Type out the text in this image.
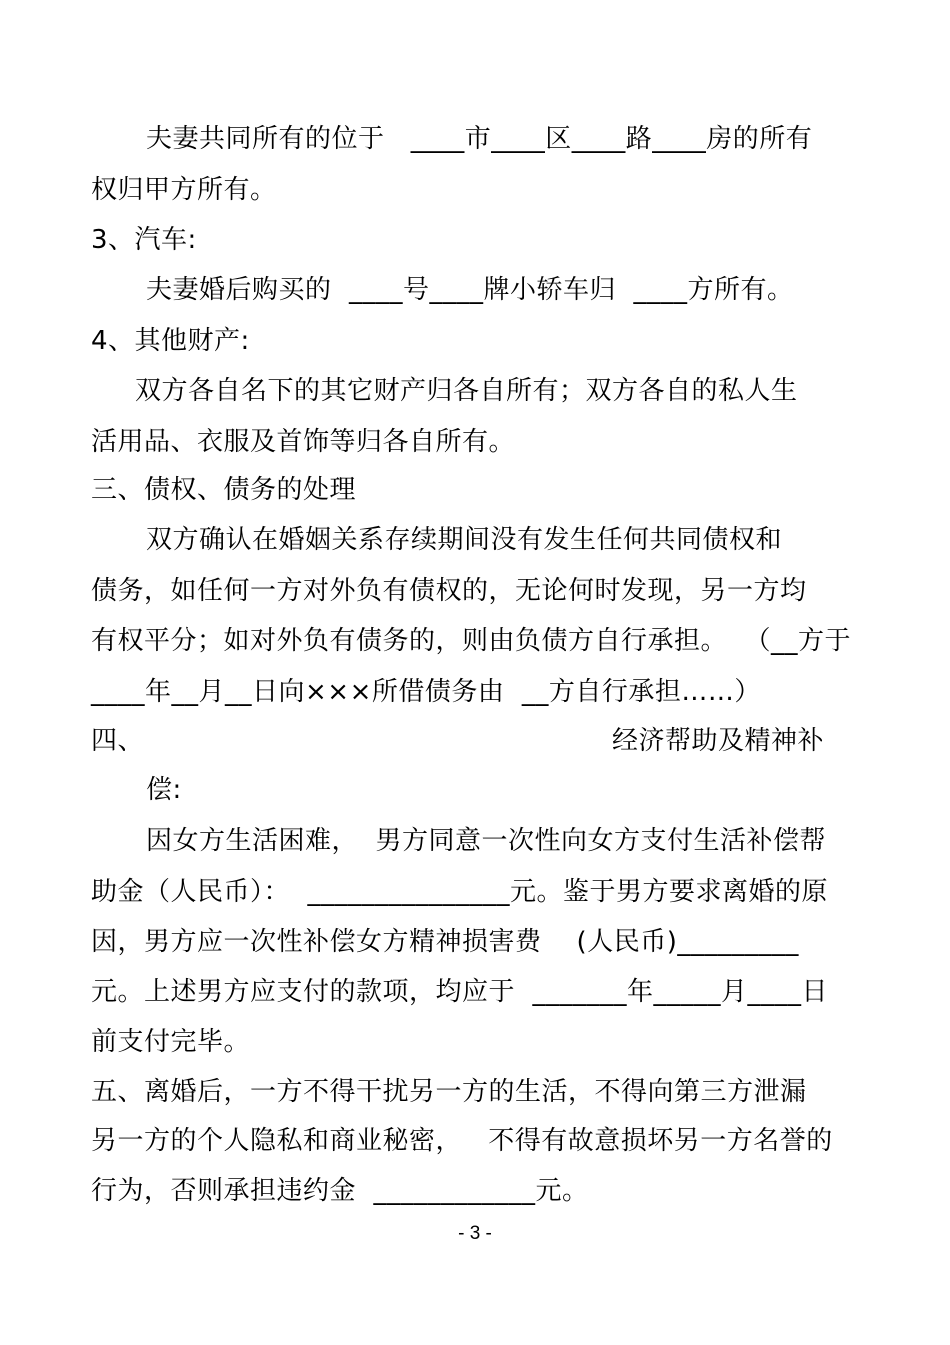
夫妻共同所有的位于   ____市____区____路____房的所有
权归甲方所有。
3、汽车:
夫妻婚后购买的  ____号____牌小轿车归  ____方所有。
4、其他财产:
双方各自名下的其它财产归各自所有；双方各自的私人生
活用品、衣服及首饰等归各自所有。
三、债权、债务的处理
双方确认在婚姻关系存续期间没有发生任何共同债权和
债务，如任何一方对外负有债权的，无论何时发现，另一方均
有权平分；如对外负有债务的，则由负债方自行承担。  （__方于
____年__月__日向×××所借债务由  __方自行承担……）
四、	经济帮助及精神补
偿:
因女方生活困难，  男方同意一次性向女方支付生活补偿帮
助金（人民币）：  _______________元。鉴于男方要求离婚的原
因，男方应一次性补偿女方精神损害费    (人民币)_________
元。上述男方应支付的款项，均应于  _______年_____月____日
前支付完毕。
五、离婚后，一方不得干扰另一方的生活，不得向第三方泄漏
另一方的个人隐私和商业秘密，   不得有故意损坏另一方名誉的
行为，否则承担违约金  ____________元。
- 3 -
